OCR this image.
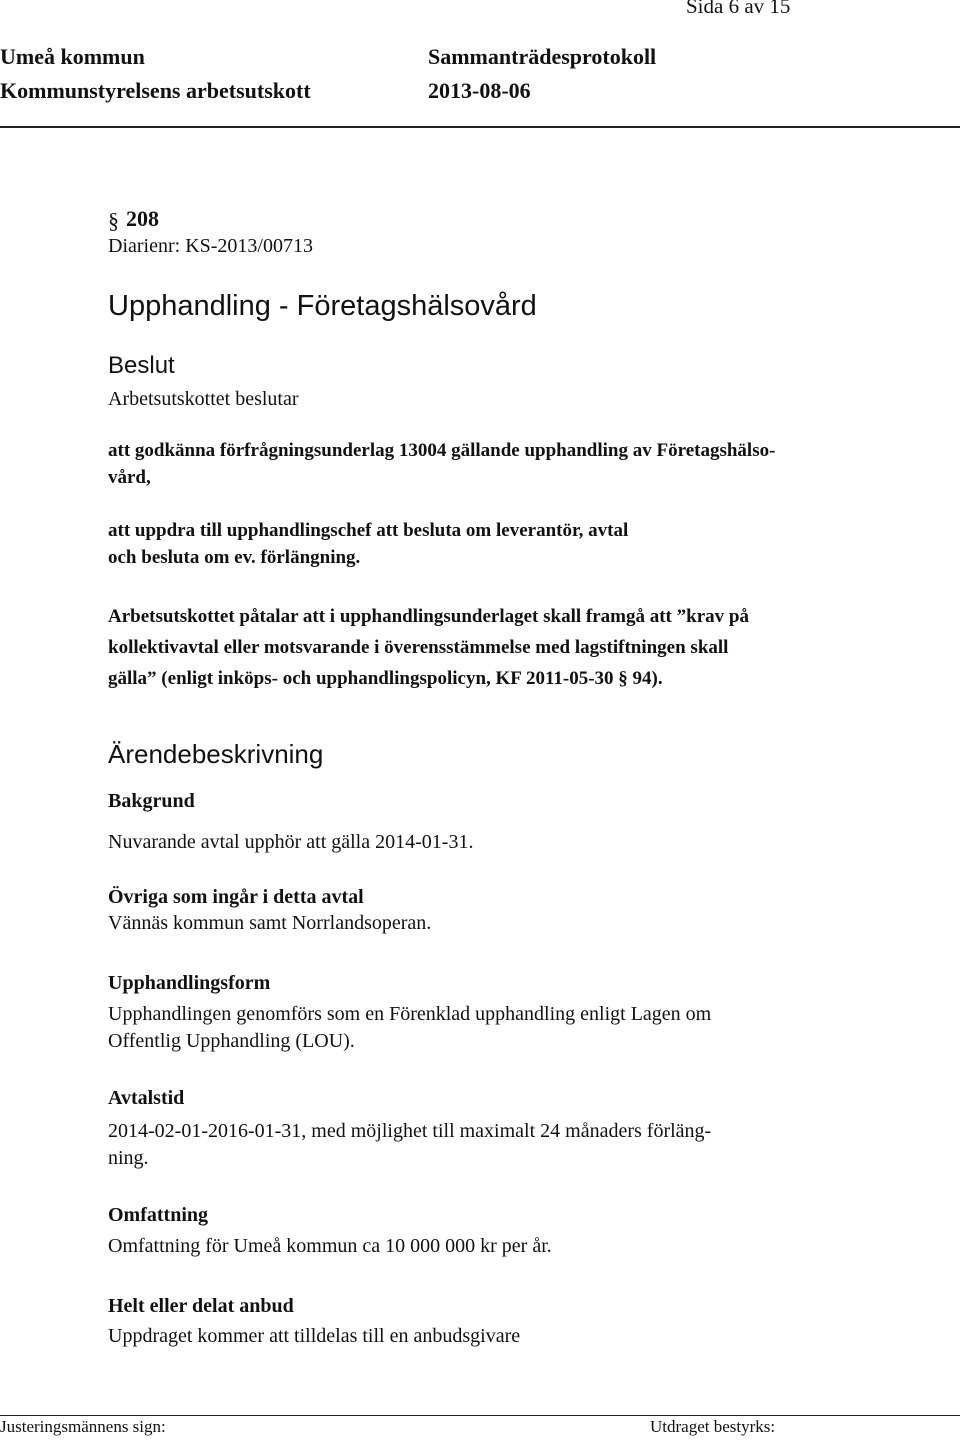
Sida 6 av 15
Umeå kommun
Kommunstyrelsens arbetsutskott
Sammanträdesprotokoll
2013-08-06
§ 208
Diarienr: KS-2013/00713
Upphandling - Företagshälsovård
Beslut
Arbetsutskottet beslutar
att godkänna förfrågningsunderlag 13004 gällande upphandling av Företagshälso-
vård,
att uppdra till upphandlingschef att besluta om leverantör, avtal
och besluta om ev. förlängning.
Arbetsutskottet påtalar att i upphandlingsunderlaget skall framgå att ”krav på
kollektivavtal eller motsvarande i överensstämmelse med lagstiftningen skall
gälla” (enligt inköps- och upphandlingspolicyn, KF 2011-05-30 § 94).
Ärendebeskrivning
Bakgrund
Nuvarande avtal upphör att gälla 2014-01-31.
Övriga som ingår i detta avtal
Vännäs kommun samt Norrlandsoperan.
Upphandlingsform
Upphandlingen genomförs som en Förenklad upphandling enligt Lagen om
Offentlig Upphandling (LOU).
Avtalstid
2014-02-01-2016-01-31, med möjlighet till maximalt 24 månaders förläng-
ning.
Omfattning
Omfattning för Umeå kommun ca 10 000 000 kr per år.
Helt eller delat anbud
Uppdraget kommer att tilldelas till en anbudsgivare
Justeringsmännens sign:	Utdraget bestyrks:
